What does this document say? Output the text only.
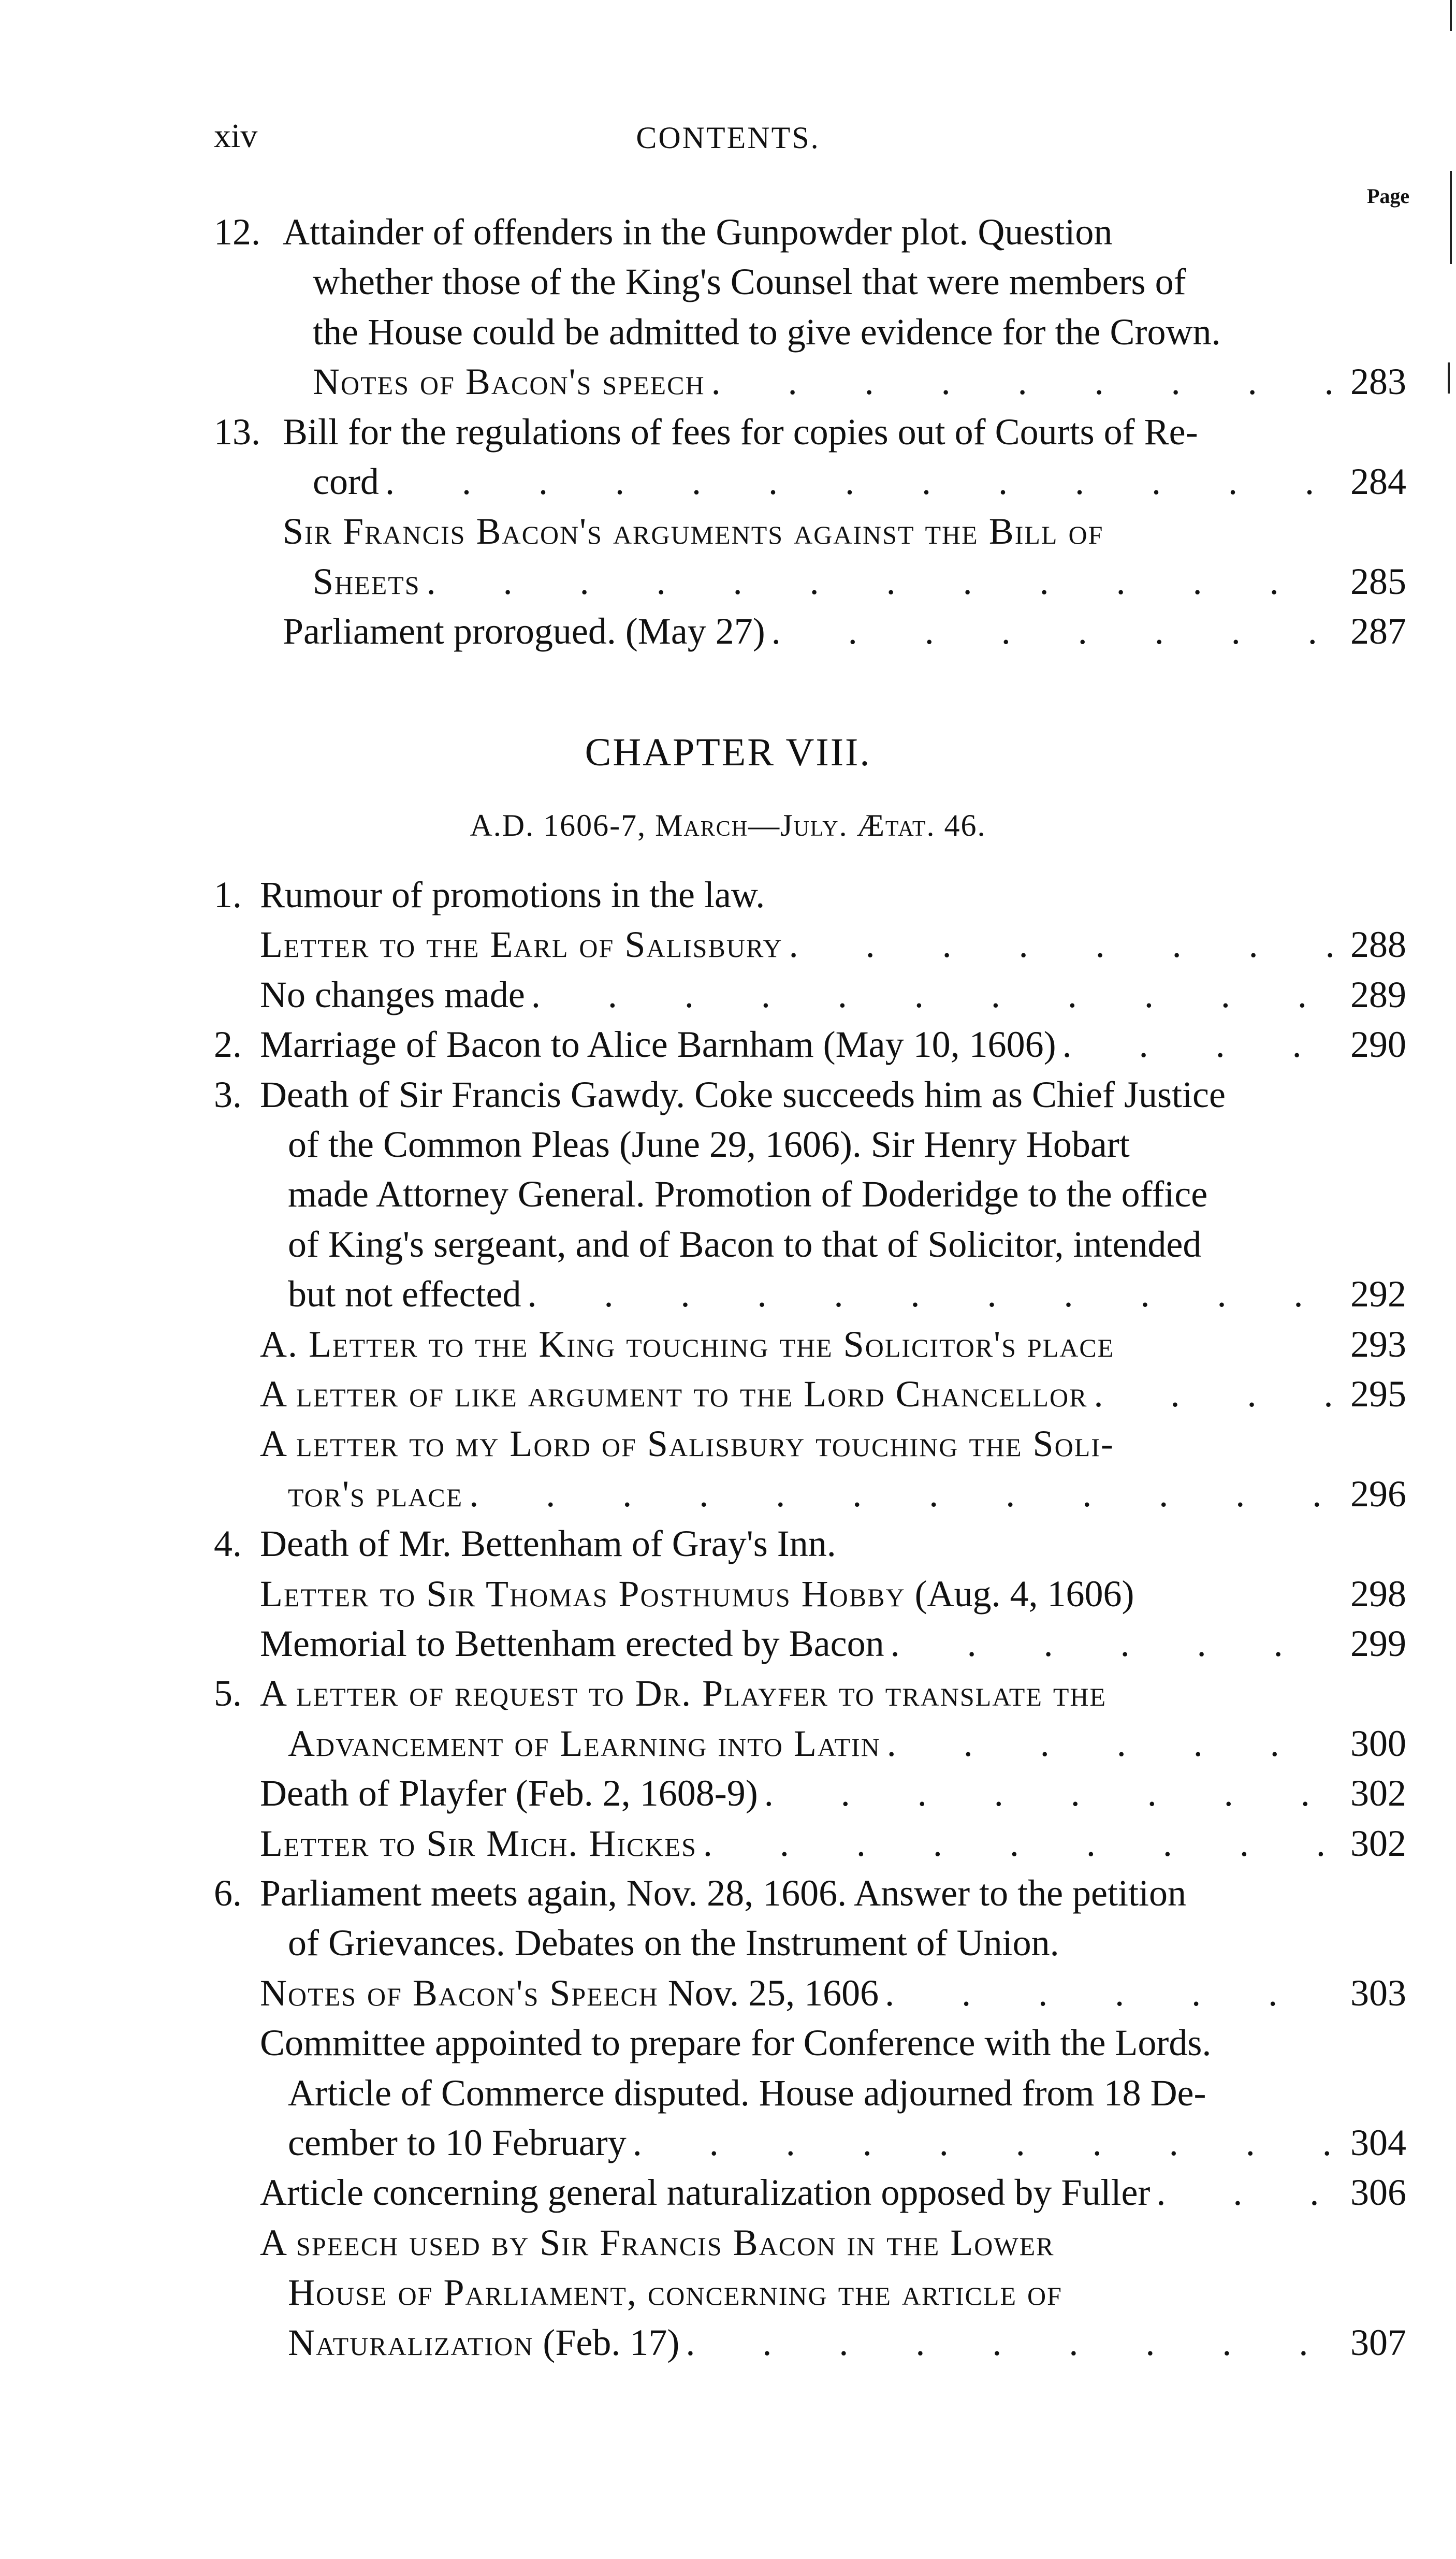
xiv	CONTENTS.
Page
12. Attainder of offenders in the Gunpowder plot. Question
whether those of the King's Counsel that were members of
the House could be admitted to give evidence for the Crown.
Notes of Bacon's speech . . .	283
13. Bill for the regulations of fees for copies out of Courts of Re-
cord . . .	284
Sir Francis Bacon's arguments against the Bill of
Sheets . . .	285
Parliament prorogued. (May 27) . . .	287
CHAPTER VIII.
A.D. 1606-7, March—July. Ætat. 46.
1. Rumour of promotions in the law.
Letter to the Earl of Salisbury . . .	288
No changes made . . .	289
2. Marriage of Bacon to Alice Barnham (May 10, 1606) . . .	290
3. Death of Sir Francis Gawdy. Coke succeeds him as Chief Justice
of the Common Pleas (June 29, 1606). Sir Henry Hobart
made Attorney General. Promotion of Doderidge to the office
of King's sergeant, and of Bacon to that of Solicitor, intended
but not effected . . .	292
A. Letter to the King touching the Solicitor's place	293
A letter of like argument to the Lord Chancellor . . .	295
A letter to my Lord of Salisbury touching the Soli-
tor's place . . .	296
4. Death of Mr. Bettenham of Gray's Inn.
Letter to Sir Thomas Posthumus Hobby (Aug. 4, 1606)	298
Memorial to Bettenham erected by Bacon . . .	299
5. A letter of request to Dr. Playfer to translate the
Advancement of Learning into Latin . . .	300
Death of Playfer (Feb. 2, 1608-9) . . .	302
Letter to Sir Mich. Hickes . . .	302
6. Parliament meets again, Nov. 28, 1606. Answer to the petition
of Grievances. Debates on the Instrument of Union.
Notes of Bacon's Speech Nov. 25, 1606 . . .	303
Committee appointed to prepare for Conference with the Lords.
Article of Commerce disputed. House adjourned from 18 De-
cember to 10 February . . .	304
Article concerning general naturalization opposed by Fuller . . .	306
A speech used by Sir Francis Bacon in the Lower
House of Parliament, concerning the article of
Naturalization (Feb. 17) . . .	307
